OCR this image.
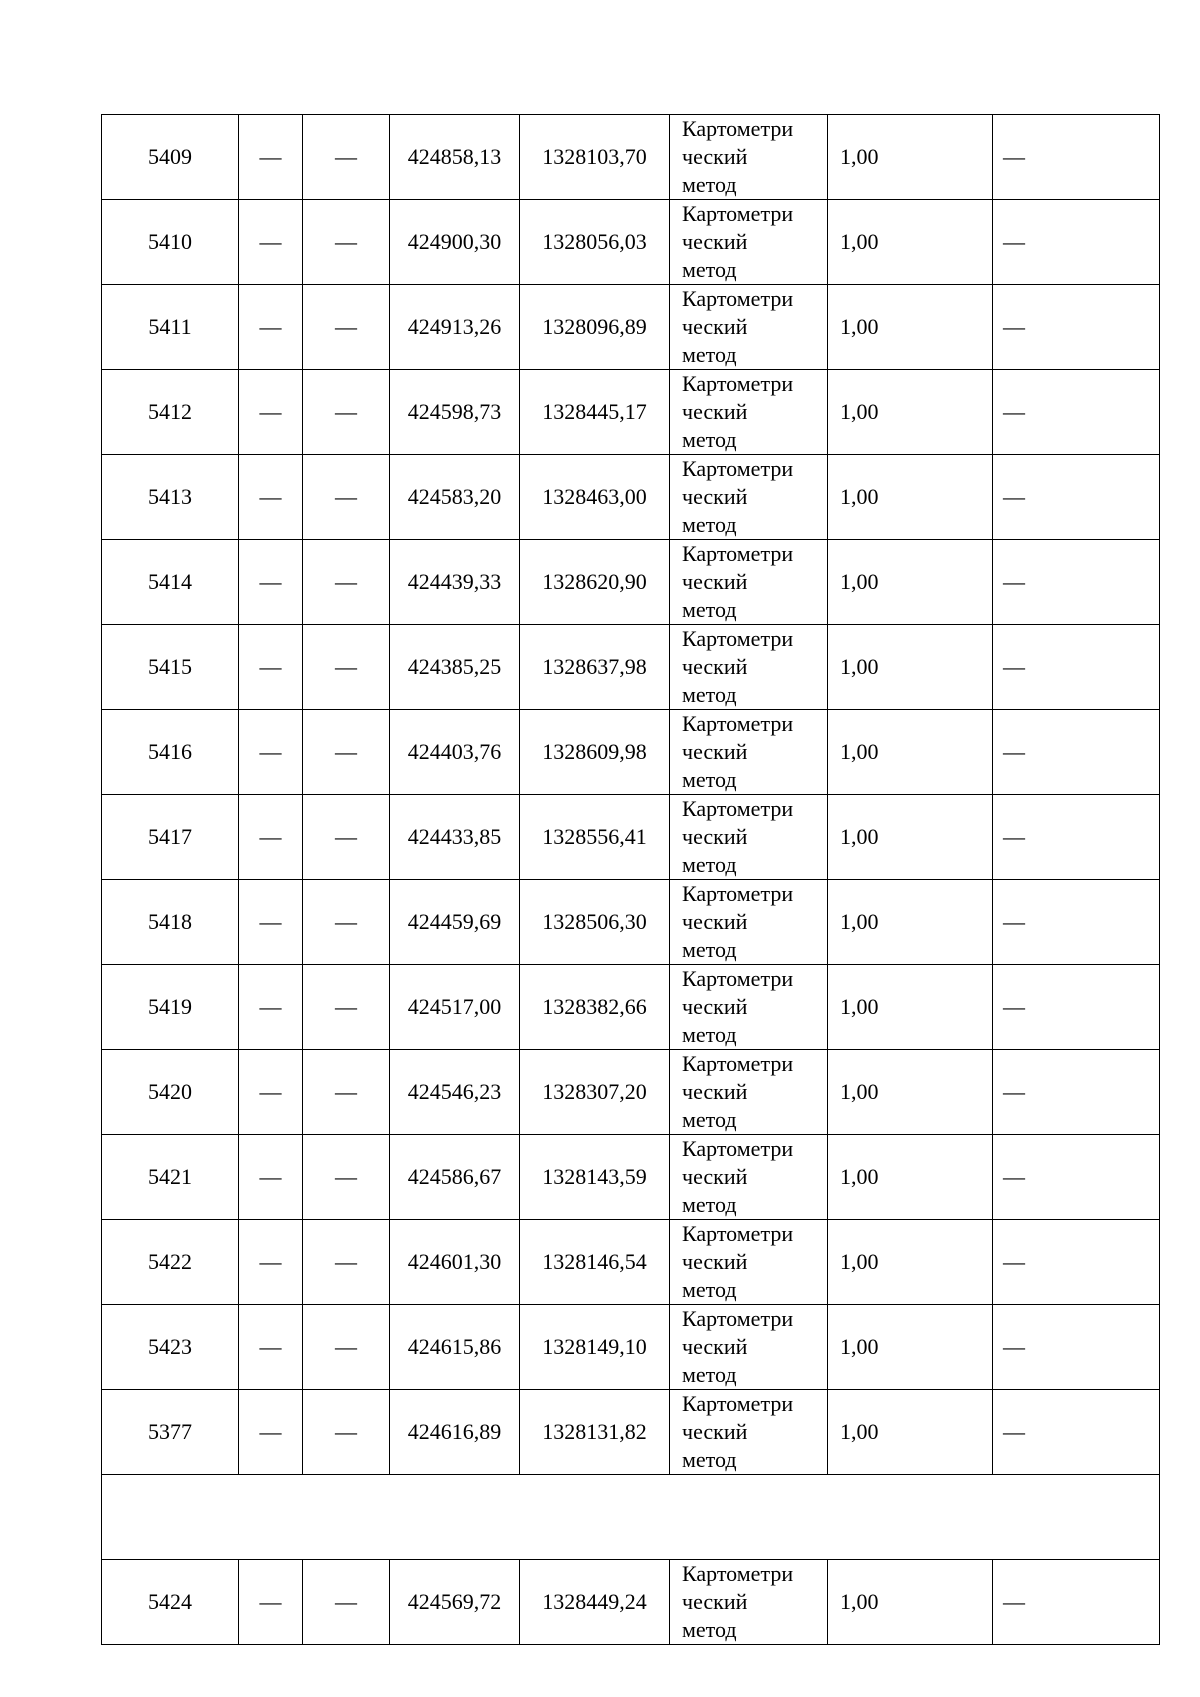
5409	—	—	424858,13	1328103,70	Картометри
ческий
метод	1,00	—
5410	—	—	424900,30	1328056,03	Картометри
ческий
метод	1,00	—
5411	—	—	424913,26	1328096,89	Картометри
ческий
метод	1,00	—
5412	—	—	424598,73	1328445,17	Картометри
ческий
метод	1,00	—
5413	—	—	424583,20	1328463,00	Картометри
ческий
метод	1,00	—
5414	—	—	424439,33	1328620,90	Картометри
ческий
метод	1,00	—
5415	—	—	424385,25	1328637,98	Картометри
ческий
метод	1,00	—
5416	—	—	424403,76	1328609,98	Картометри
ческий
метод	1,00	—
5417	—	—	424433,85	1328556,41	Картометри
ческий
метод	1,00	—
5418	—	—	424459,69	1328506,30	Картометри
ческий
метод	1,00	—
5419	—	—	424517,00	1328382,66	Картометри
ческий
метод	1,00	—
5420	—	—	424546,23	1328307,20	Картометри
ческий
метод	1,00	—
5421	—	—	424586,67	1328143,59	Картометри
ческий
метод	1,00	—
5422	—	—	424601,30	1328146,54	Картометри
ческий
метод	1,00	—
5423	—	—	424615,86	1328149,10	Картометри
ческий
метод	1,00	—
5377	—	—	424616,89	1328131,82	Картометри
ческий
метод	1,00	—

5424	—	—	424569,72	1328449,24	Картометри
ческий
метод	1,00	—
